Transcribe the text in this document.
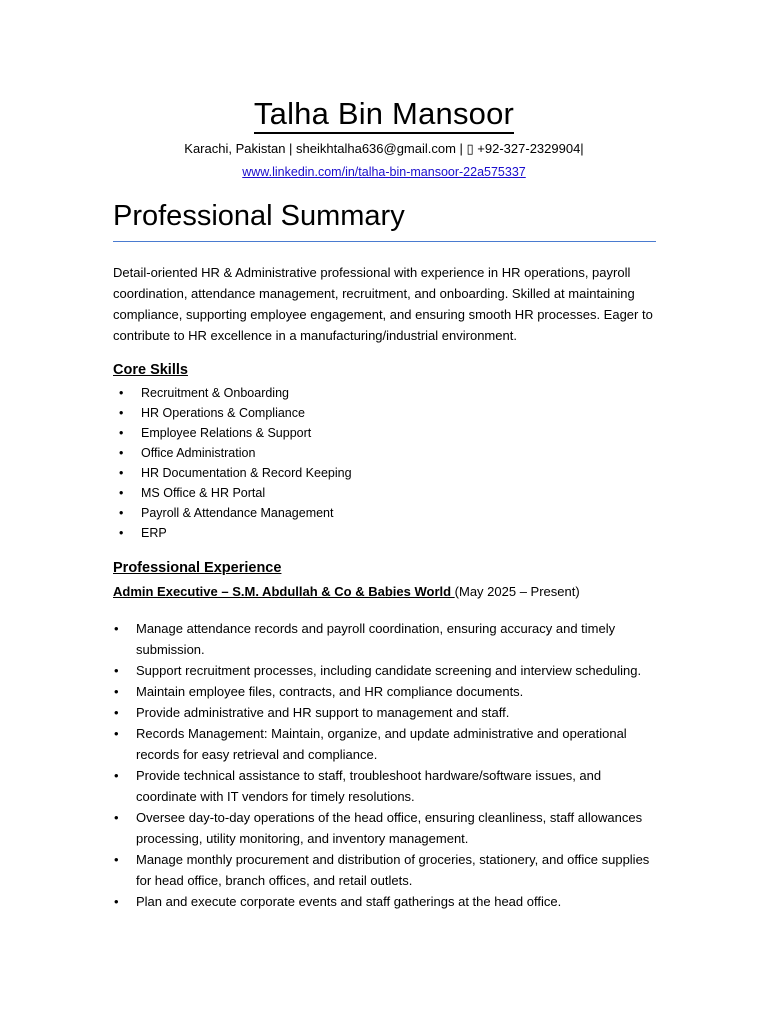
Talha Bin Mansoor
Karachi, Pakistan | sheikhtalha636@gmail.com | ▯ +92-327-2329904|
www.linkedin.com/in/talha-bin-mansoor-22a575337
Professional Summary
Detail-oriented HR & Administrative professional with experience in HR operations, payroll coordination, attendance management, recruitment, and onboarding. Skilled at maintaining compliance, supporting employee engagement, and ensuring smooth HR processes. Eager to contribute to HR excellence in a manufacturing/industrial environment.
Core Skills
• Recruitment & Onboarding
• HR Operations & Compliance
• Employee Relations & Support
• Office Administration
• HR Documentation & Record Keeping
• MS Office & HR Portal
• Payroll & Attendance Management
• ERP
Professional Experience
Admin Executive – S.M. Abdullah & Co & Babies World (May 2025 – Present)
• Manage attendance records and payroll coordination, ensuring accuracy and timely submission.
• Support recruitment processes, including candidate screening and interview scheduling.
• Maintain employee files, contracts, and HR compliance documents.
• Provide administrative and HR support to management and staff.
• Records Management: Maintain, organize, and update administrative and operational records for easy retrieval and compliance.
• Provide technical assistance to staff, troubleshoot hardware/software issues, and coordinate with IT vendors for timely resolutions.
• Oversee day-to-day operations of the head office, ensuring cleanliness, staff allowances processing, utility monitoring, and inventory management.
• Manage monthly procurement and distribution of groceries, stationery, and office supplies for head office, branch offices, and retail outlets.
• Plan and execute corporate events and staff gatherings at the head office.
